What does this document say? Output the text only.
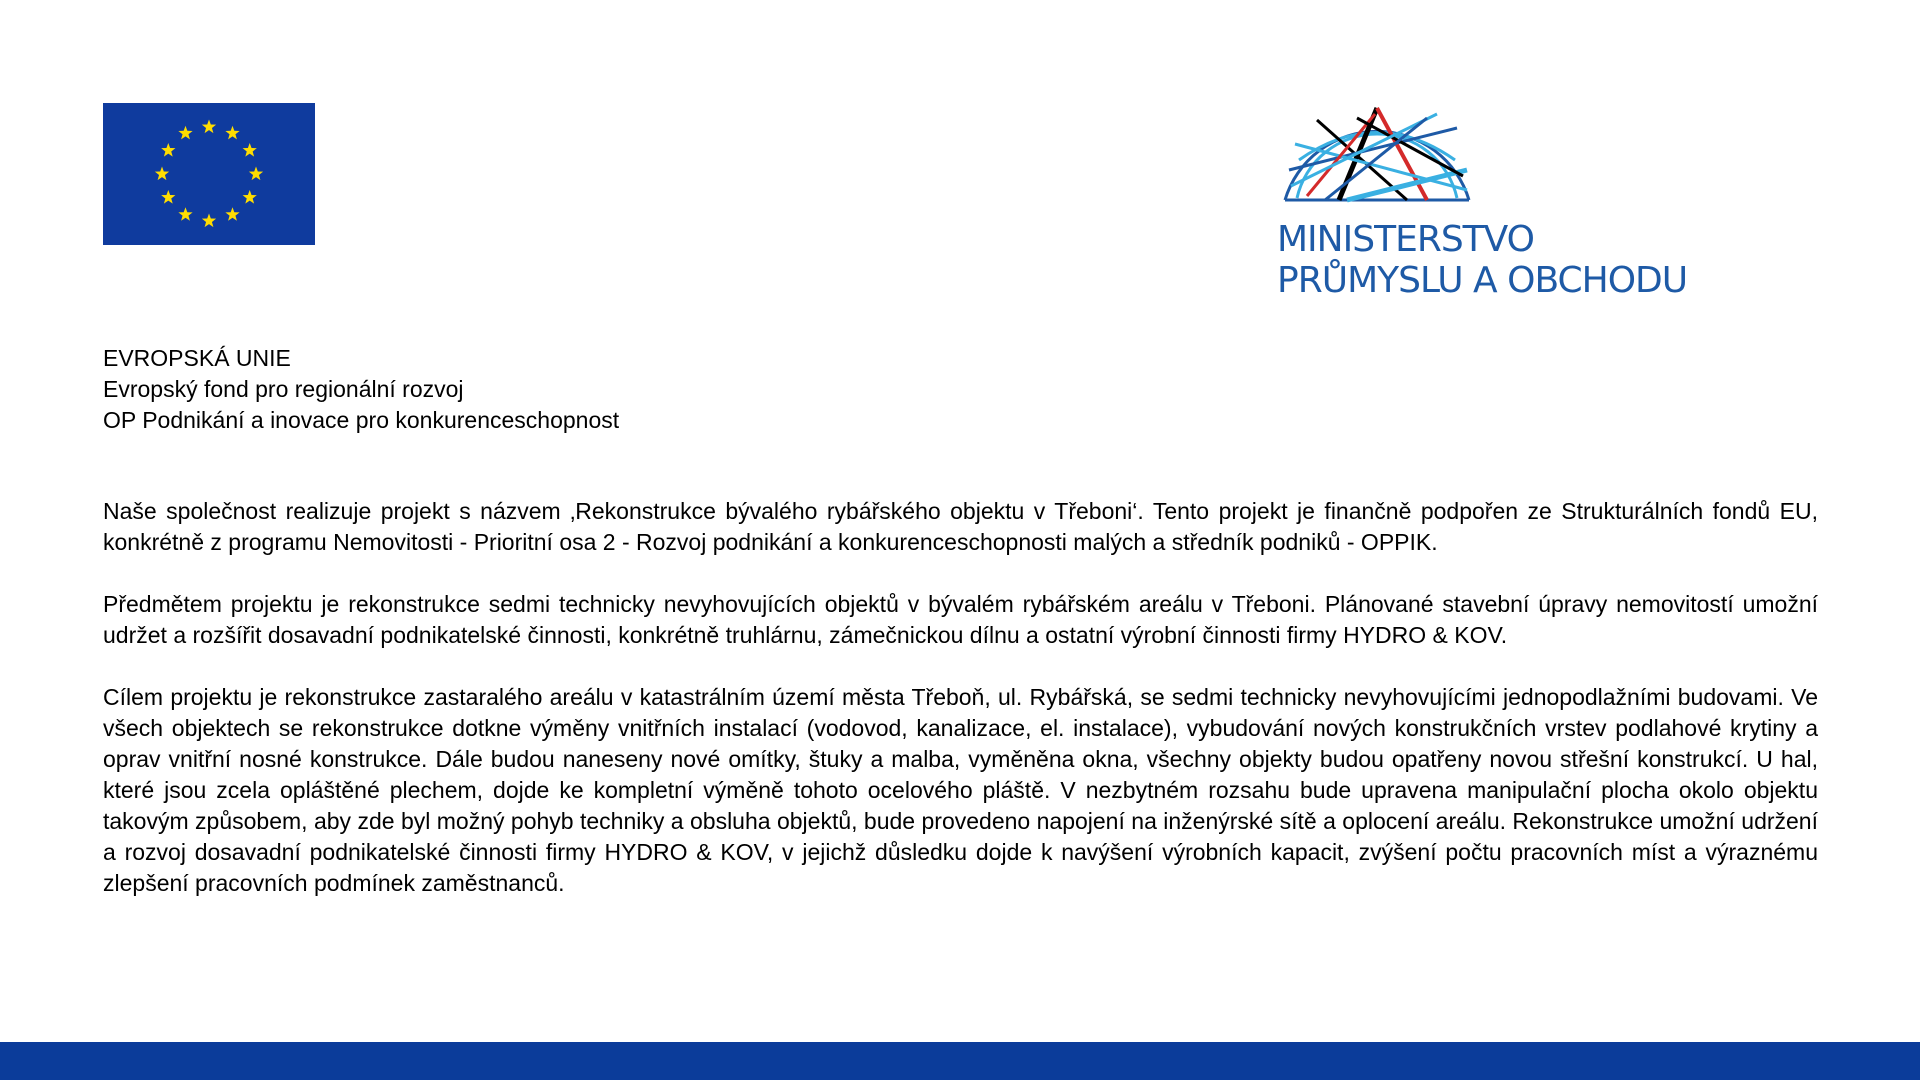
MINISTERSTVO
PRŮMYSLU A OBCHODU
EVROPSKÁ UNIE
Evropský fond pro regionální rozvoj
OP Podnikání a inovace pro konkurenceschopnost

Naše společnost realizuje projekt s názvem ‚Rekonstrukce bývalého rybářského objektu v Třeboni‘. Tento projekt je finančně podpořen ze Strukturálních fondů EU, konkrétně z programu Nemovitosti - Prioritní osa 2 - Rozvoj podnikání a konkurenceschopnosti malých a středník podniků - OPPIK.

Předmětem projektu je rekonstrukce sedmi technicky nevyhovujících objektů v bývalém rybářském areálu v Třeboni. Plánované stavební úpravy nemovitostí umožní udržet a rozšířit dosavadní podnikatelské činnosti, konkrétně truhlárnu, zámečnickou dílnu a ostatní výrobní činnosti firmy HYDRO & KOV.

Cílem projektu je rekonstrukce zastaralého areálu v katastrálním území města Třeboň, ul. Rybářská, se sedmi technicky nevyhovujícími jednopodlažními budovami. Ve všech objektech se rekonstrukce dotkne výměny vnitřních instalací (vodovod, kanalizace, el. instalace), vybudování nových konstrukčních vrstev podlahové krytiny a oprav vnitřní nosné konstrukce. Dále budou naneseny nové omítky, štuky a malba, vyměněna okna, všechny objekty budou opatřeny novou střešní konstrukcí. U hal, které jsou zcela opláštěné plechem, dojde ke kompletní výměně tohoto ocelového pláště. V nezbytném rozsahu bude upravena manipulační plocha okolo objektu takovým způsobem, aby zde byl možný pohyb techniky a obsluha objektů, bude provedeno napojení na inženýrské sítě a oplocení areálu. Rekonstrukce umožní udržení a rozvoj dosavadní podnikatelské činnosti firmy HYDRO & KOV, v jejichž důsledku dojde k navýšení výrobních kapacit, zvýšení počtu pracovních míst a výraznému zlepšení pracovních podmínek zaměstnanců.
